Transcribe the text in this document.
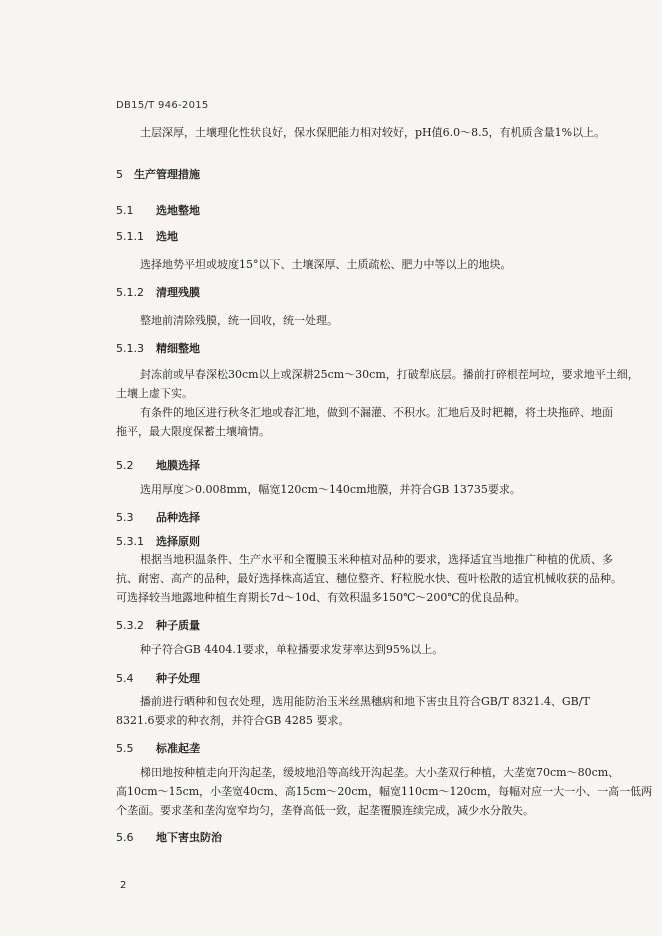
DB15/T 946-2015
土层深厚，土壤理化性状良好，保水保肥能力相对较好，pH值6.0～8.5，有机质含量1%以上。
5 生产管理措施
5.1 选地整地
5.1.1 选地
选择地势平坦或坡度15°以下、土壤深厚、土质疏松、肥力中等以上的地块。
5.1.2 清理残膜
整地前清除残膜，统一回收，统一处理。
5.1.3 精细整地
封冻前或早春深松30cm以上或深耕25cm～30cm，打破犁底层。播前打碎根茬坷垃，要求地平土细，
土壤上虚下实。
有条件的地区进行秋冬汇地或春汇地，做到不漏灌、不积水。汇地后及时耙耱，将土块拖碎、地面
拖平，最大限度保蓄土壤墒情。
5.2 地膜选择
选用厚度＞0.008mm，幅宽120cm～140cm地膜，并符合GB 13735要求。
5.3 品种选择
5.3.1 选择原则
根据当地积温条件、生产水平和全覆膜玉米种植对品种的要求，选择适宜当地推广种植的优质、多
抗、耐密、高产的品种，最好选择株高适宜、穗位整齐、籽粒脱水快、苞叶松散的适宜机械收获的品种。
可选择较当地露地种植生育期长7d～10d、有效积温多150℃～200℃的优良品种。
5.3.2 种子质量
种子符合GB 4404.1要求，单粒播要求发芽率达到95%以上。
5.4 种子处理
播前进行晒种和包衣处理，选用能防治玉米丝黑穗病和地下害虫且符合GB/T 8321.4、GB/T
8321.6要求的种衣剂，并符合GB 4285 要求。
5.5 标准起垄
梯田地按种植走向开沟起垄，缓坡地沿等高线开沟起垄。大小垄双行种植，大垄宽70cm～80cm、
高10cm～15cm，小垄宽40cm、高15cm～20cm，幅宽110cm～120cm，每幅对应一大一小、一高一低两
个垄面。要求垄和垄沟宽窄均匀，垄脊高低一致，起垄覆膜连续完成，减少水分散失。
5.6 地下害虫防治
2
